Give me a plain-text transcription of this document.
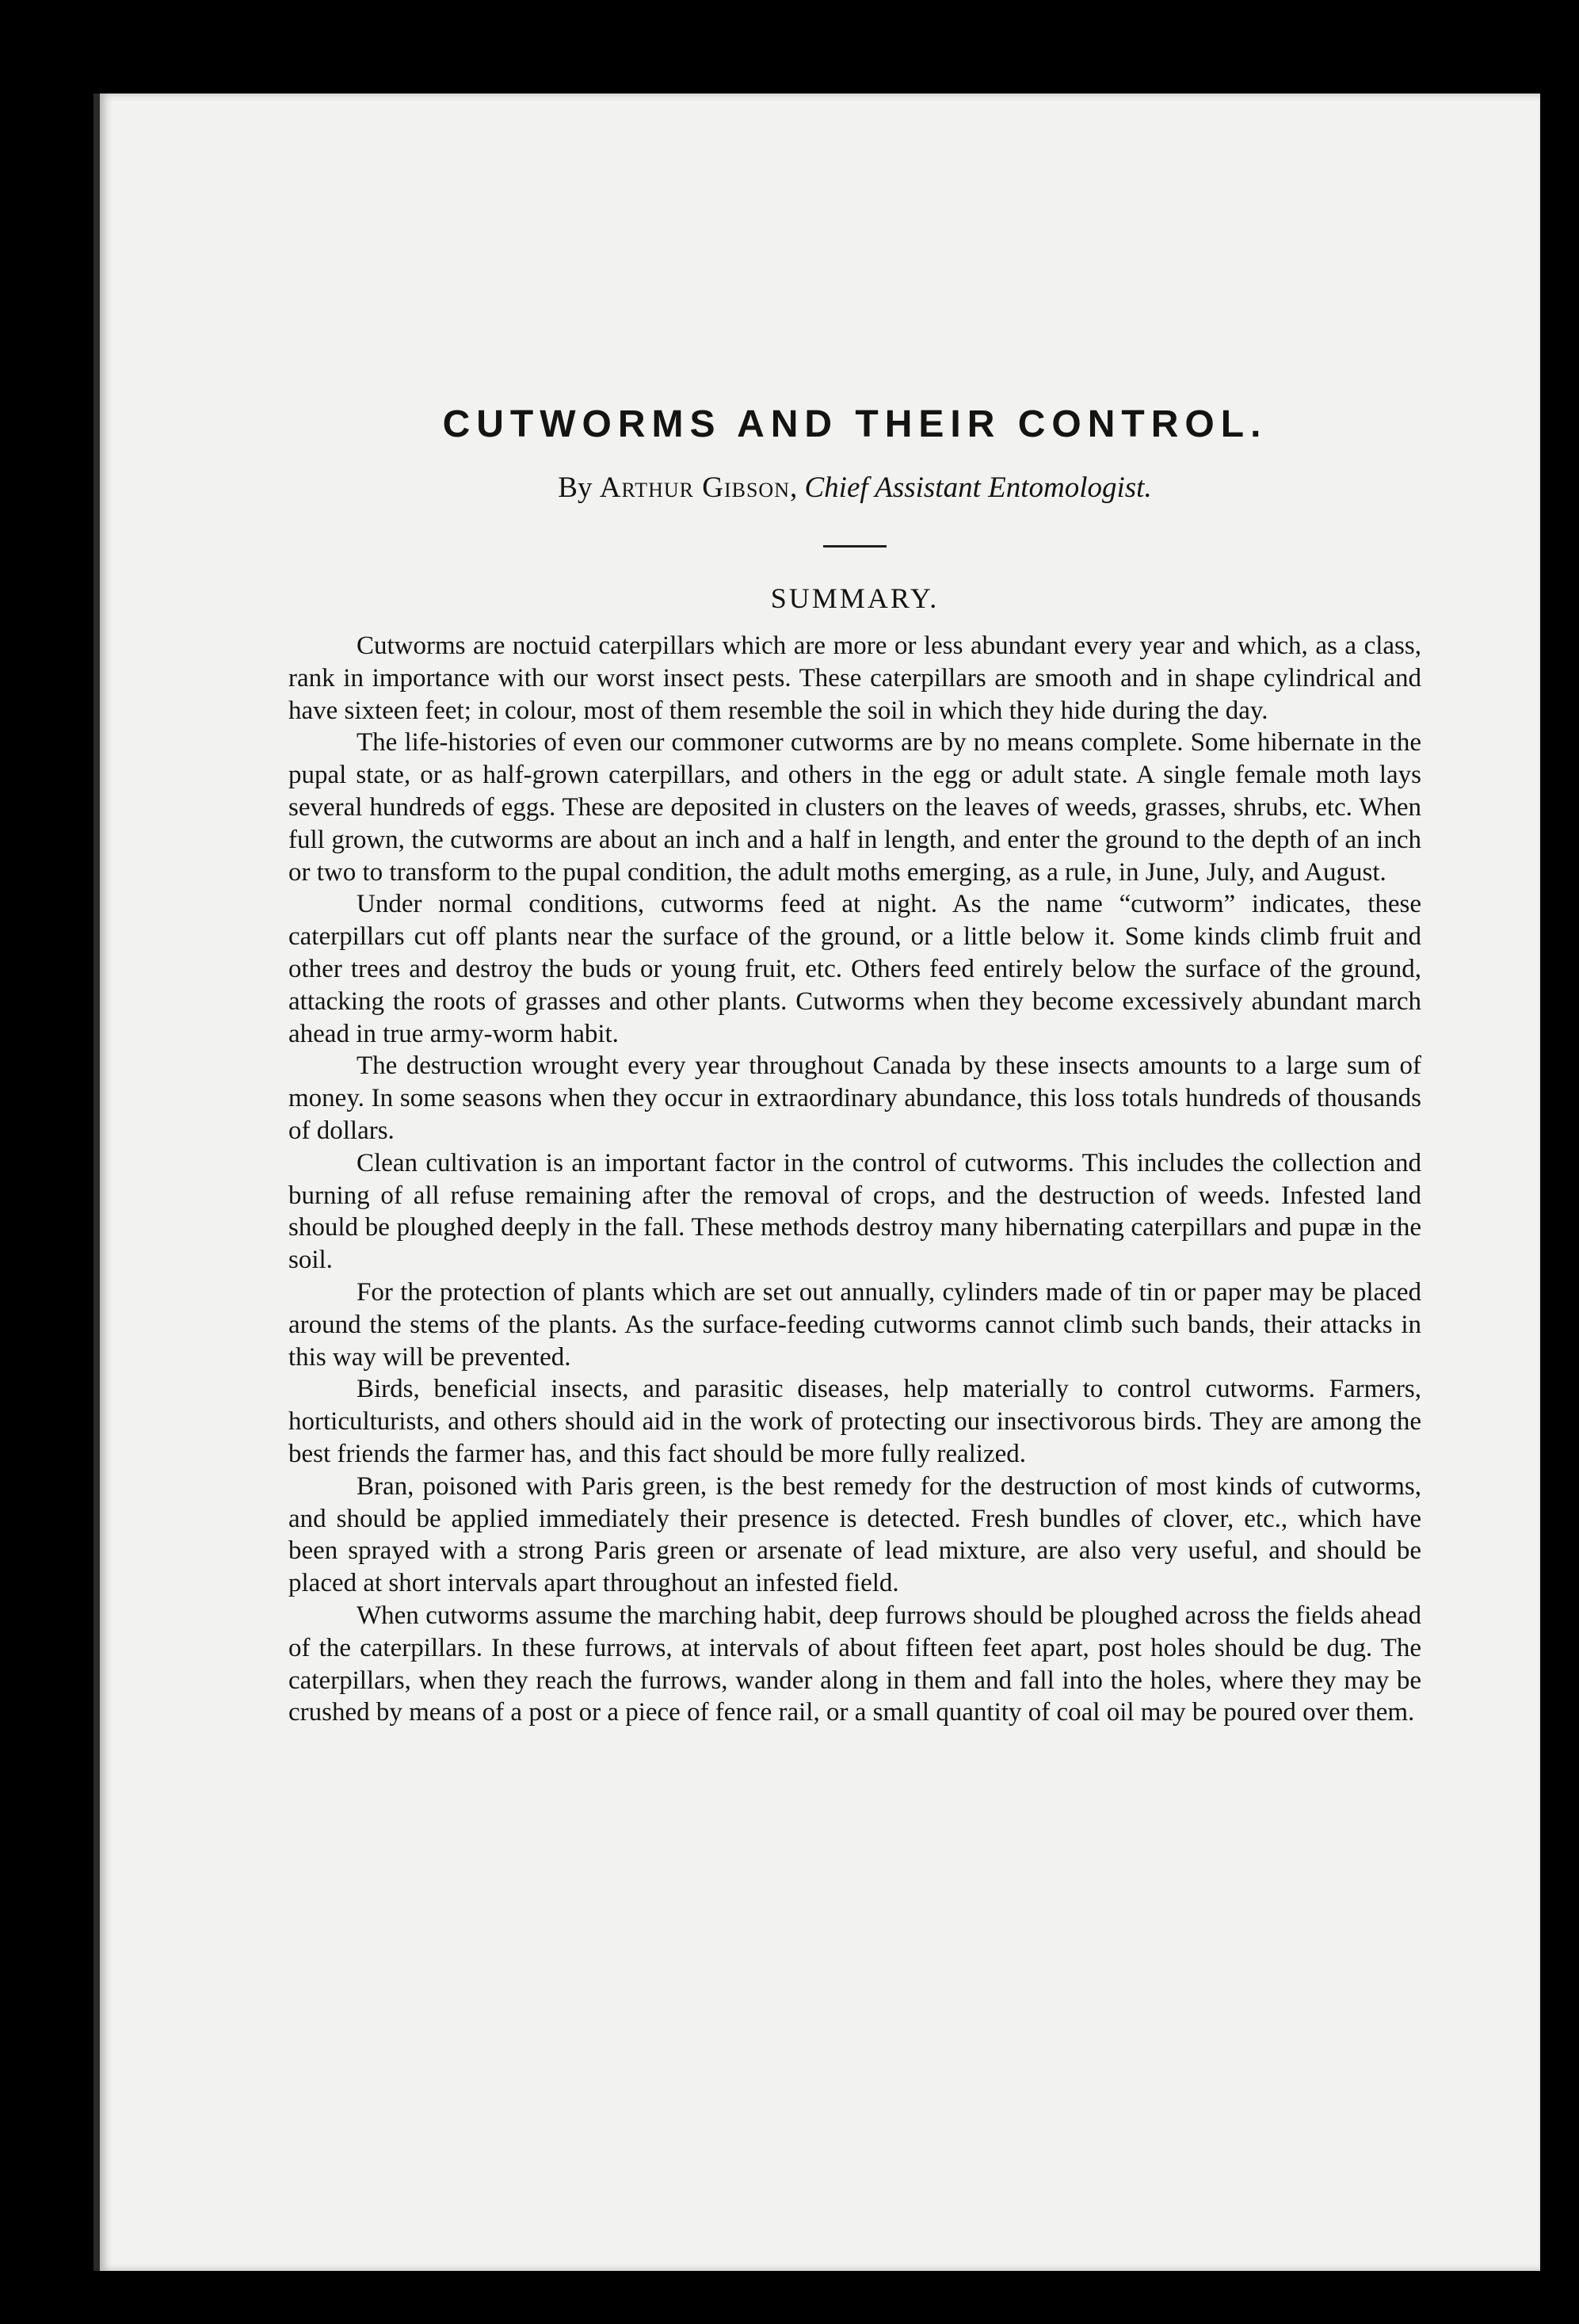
CUTWORMS AND THEIR CONTROL.

By Arthur Gibson, Chief Assistant Entomologist.

SUMMARY.

Cutworms are noctuid caterpillars which are more or less abundant every year and which, as a class, rank in importance with our worst insect pests. These caterpillars are smooth and in shape cylindrical and have sixteen feet; in colour, most of them resemble the soil in which they hide during the day.

The life-histories of even our commoner cutworms are by no means complete. Some hibernate in the pupal state, or as half-grown caterpillars, and others in the egg or adult state. A single female moth lays several hundreds of eggs. These are deposited in clusters on the leaves of weeds, grasses, shrubs, etc. When full grown, the cutworms are about an inch and a half in length, and enter the ground to the depth of an inch or two to transform to the pupal condition, the adult moths emerging, as a rule, in June, July, and August.

Under normal conditions, cutworms feed at night. As the name “cutworm” indicates, these caterpillars cut off plants near the surface of the ground, or a little below it. Some kinds climb fruit and other trees and destroy the buds or young fruit, etc. Others feed entirely below the surface of the ground, attacking the roots of grasses and other plants. Cutworms when they become excessively abundant march ahead in true army-worm habit.

The destruction wrought every year throughout Canada by these insects amounts to a large sum of money. In some seasons when they occur in extraordinary abundance, this loss totals hundreds of thousands of dollars.

Clean cultivation is an important factor in the control of cutworms. This includes the collection and burning of all refuse remaining after the removal of crops, and the destruction of weeds. Infested land should be ploughed deeply in the fall. These methods destroy many hibernating caterpillars and pupæ in the soil.

For the protection of plants which are set out annually, cylinders made of tin or paper may be placed around the stems of the plants. As the surface-feeding cutworms cannot climb such bands, their attacks in this way will be prevented.

Birds, beneficial insects, and parasitic diseases, help materially to control cutworms. Farmers, horticulturists, and others should aid in the work of protecting our insectivorous birds. They are among the best friends the farmer has, and this fact should be more fully realized.

Bran, poisoned with Paris green, is the best remedy for the destruction of most kinds of cutworms, and should be applied immediately their presence is detected. Fresh bundles of clover, etc., which have been sprayed with a strong Paris green or arsenate of lead mixture, are also very useful, and should be placed at short intervals apart throughout an infested field.

When cutworms assume the marching habit, deep furrows should be ploughed across the fields ahead of the caterpillars. In these furrows, at intervals of about fifteen feet apart, post holes should be dug. The caterpillars, when they reach the furrows, wander along in them and fall into the holes, where they may be crushed by means of a post or a piece of fence rail, or a small quantity of coal oil may be poured over them.
